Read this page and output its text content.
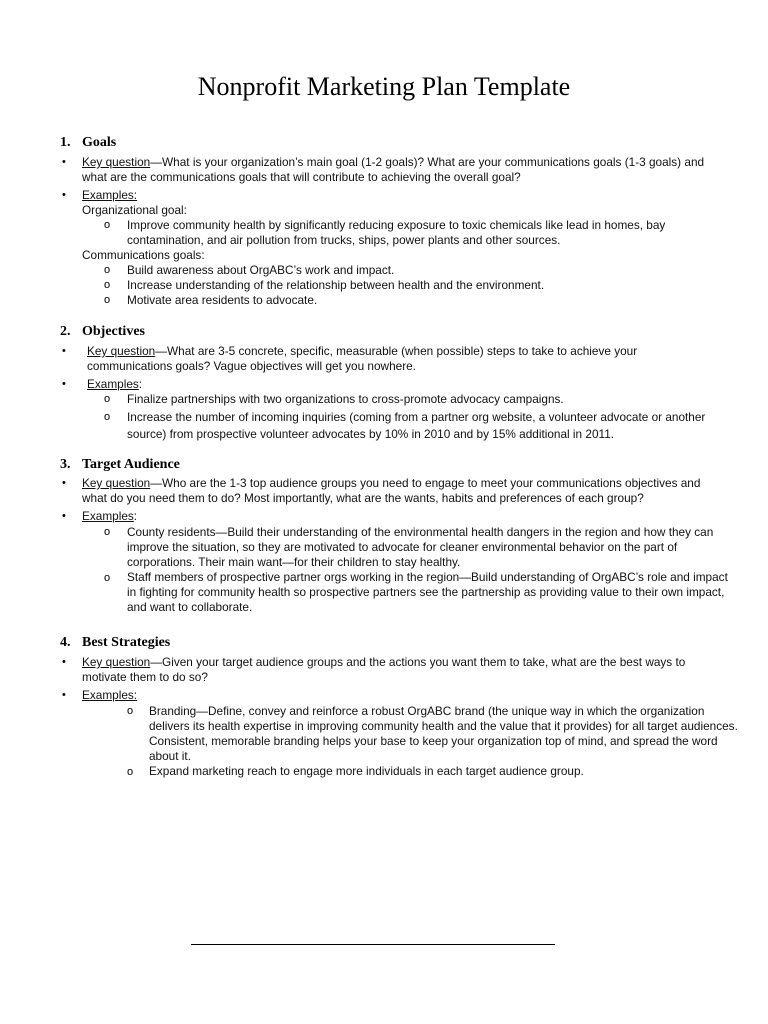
Nonprofit Marketing Plan Template
1. Goals
• Key question—What is your organization’s main goal (1-2 goals)? What are your communications goals (1-3 goals) and what are the communications goals that will contribute to achieving the overall goal?
• Examples:
Organizational goal:
o Improve community health by significantly reducing exposure to toxic chemicals like lead in homes, bay contamination, and air pollution from trucks, ships, power plants and other sources.
Communications goals:
o Build awareness about OrgABC’s work and impact.
o Increase understanding of the relationship between health and the environment.
o Motivate area residents to advocate.
2. Objectives
• Key question—What are 3-5 concrete, specific, measurable (when possible) steps to take to achieve your communications goals? Vague objectives will get you nowhere.
• Examples:
o Finalize partnerships with two organizations to cross-promote advocacy campaigns.
o Increase the number of incoming inquiries (coming from a partner org website, a volunteer advocate or another source) from prospective volunteer advocates by 10% in 2010 and by 15% additional in 2011.
3. Target Audience
• Key question—Who are the 1-3 top audience groups you need to engage to meet your communications objectives and what do you need them to do? Most importantly, what are the wants, habits and preferences of each group?
• Examples:
o County residents—Build their understanding of the environmental health dangers in the region and how they can improve the situation, so they are motivated to advocate for cleaner environmental behavior on the part of corporations. Their main want—for their children to stay healthy.
o Staff members of prospective partner orgs working in the region—Build understanding of OrgABC’s role and impact in fighting for community health so prospective partners see the partnership as providing value to their own impact, and want to collaborate.
4. Best Strategies
• Key question—Given your target audience groups and the actions you want them to take, what are the best ways to motivate them to do so?
• Examples:
o Branding—Define, convey and reinforce a robust OrgABC brand (the unique way in which the organization delivers its health expertise in improving community health and the value that it provides) for all target audiences. Consistent, memorable branding helps your base to keep your organization top of mind, and spread the word about it.
o Expand marketing reach to engage more individuals in each target audience group.
